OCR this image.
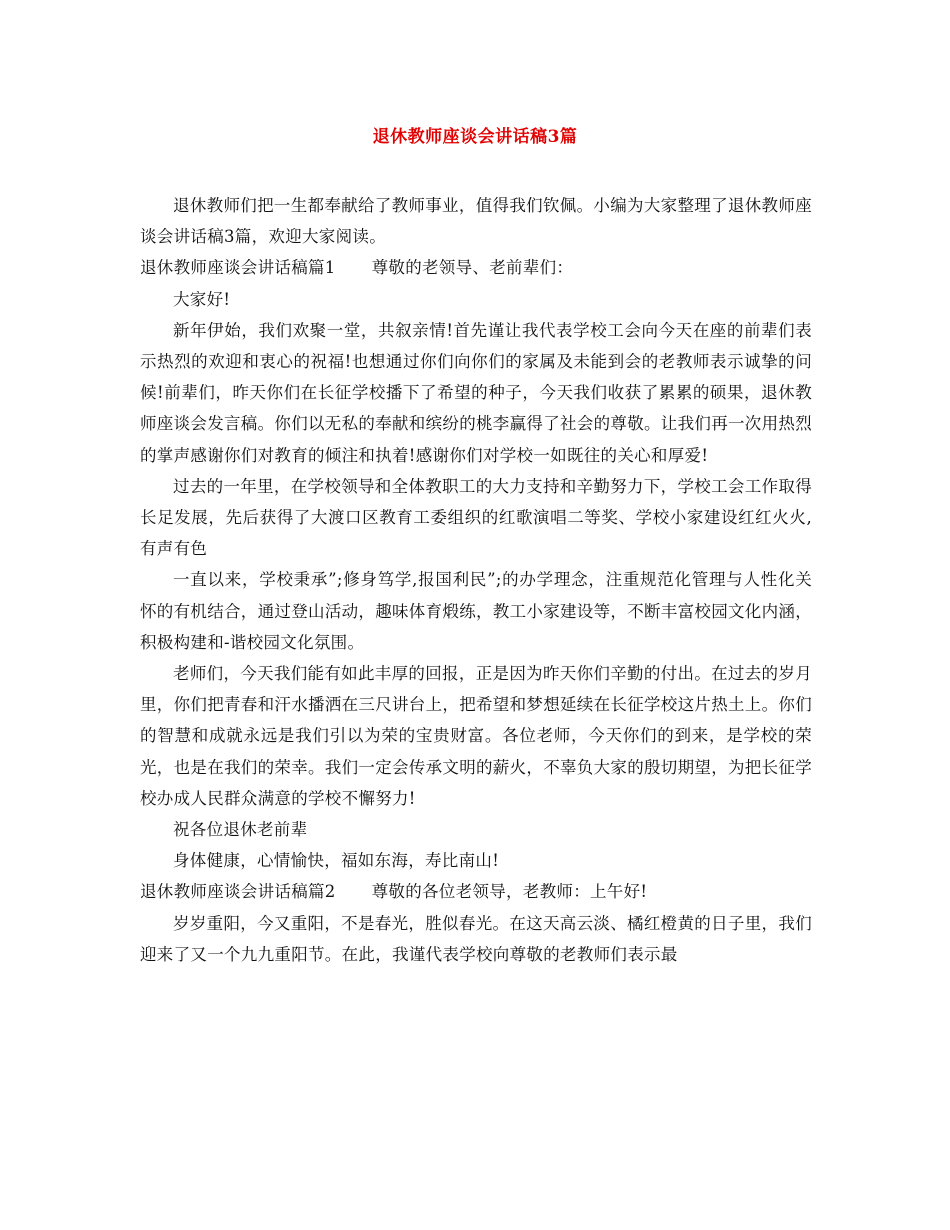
退休教师座谈会讲话稿3篇

退休教师们把一生都奉献给了教师事业，值得我们钦佩。小编为大家整理了退休教师座谈会讲话稿3篇，欢迎大家阅读。

退休教师座谈会讲话稿篇1 尊敬的老领导、老前辈们：

大家好!

新年伊始，我们欢聚一堂，共叙亲情!首先谨让我代表学校工会向今天在座的前辈们表示热烈的欢迎和衷心的祝福!也想通过你们向你们的家属及未能到会的老教师表示诚挚的问候!前辈们，昨天你们在长征学校播下了希望的种子，今天我们收获了累累的硕果，退休教师座谈会发言稿。你们以无私的奉献和缤纷的桃李赢得了社会的尊敬。让我们再一次用热烈的掌声感谢你们对教育的倾注和执着!感谢你们对学校一如既往的关心和厚爱!

过去的一年里，在学校领导和全体教职工的大力支持和辛勤努力下，学校工会工作取得长足发展，先后获得了大渡口区教育工委组织的红歌演唱二等奖、学校小家建设红红火火,有声有色

一直以来，学校秉承”;修身笃学,报国利民”;的办学理念，注重规范化管理与人性化关怀的有机结合，通过登山活动，趣味体育煅练，教工小家建设等，不断丰富校园文化内涵，积极构建和-谐校园文化氛围。

老师们，今天我们能有如此丰厚的回报，正是因为昨天你们辛勤的付出。在过去的岁月里，你们把青春和汗水播洒在三尺讲台上，把希望和梦想延续在长征学校这片热土上。你们的智慧和成就永远是我们引以为荣的宝贵财富。各位老师，今天你们的到来，是学校的荣光，也是在我们的荣幸。我们一定会传承文明的薪火，不辜负大家的殷切期望，为把长征学校办成人民群众满意的学校不懈努力!

祝各位退休老前辈

身体健康，心情愉快，福如东海，寿比南山!

退休教师座谈会讲话稿篇2 尊敬的各位老领导，老教师：上午好!

岁岁重阳，今又重阳，不是春光，胜似春光。在这天高云淡、橘红橙黄的日子里，我们迎来了又一个九九重阳节。在此，我谨代表学校向尊敬的老教师们表示最
